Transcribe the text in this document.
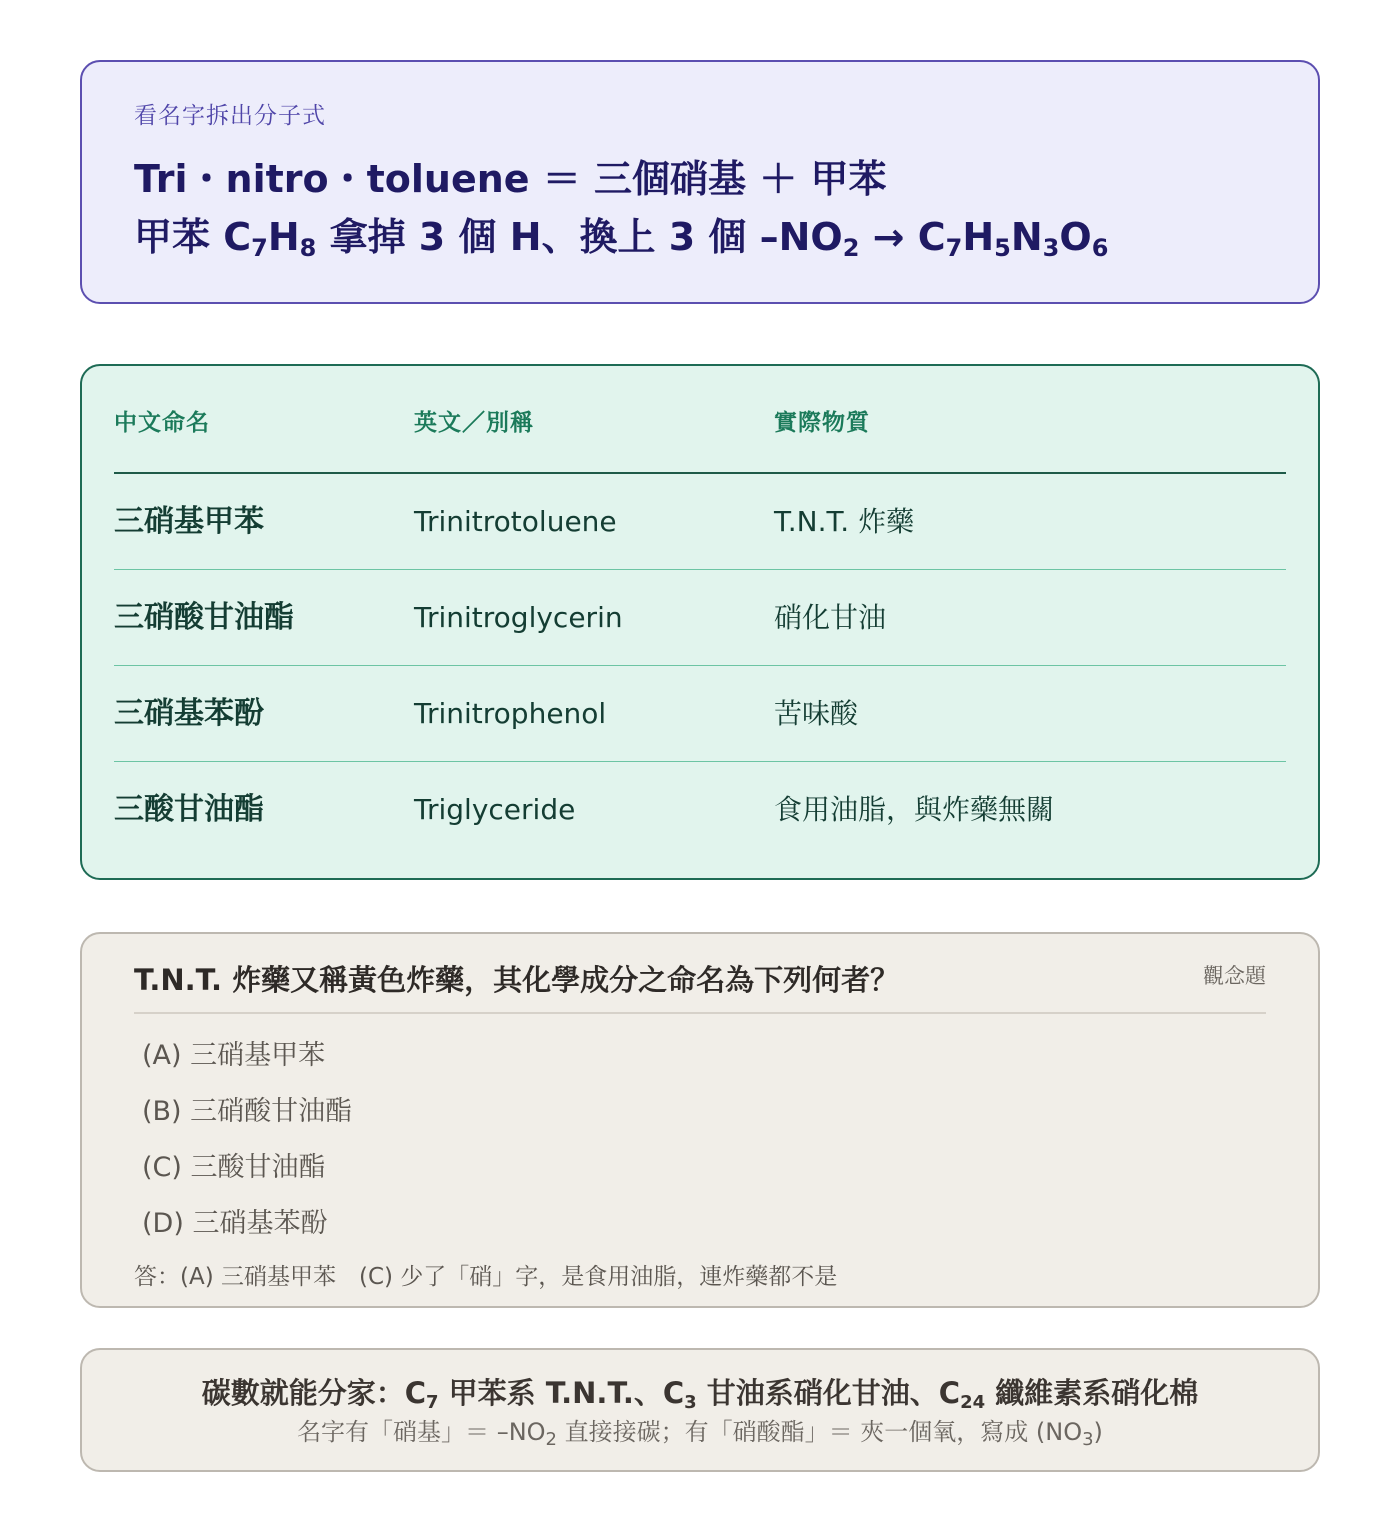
看名字拆出分子式

Tri・nitro・toluene ＝ 三個硝基 ＋ 甲苯
甲苯 $C_7H_8$ 拿掉 3 個 H、換上 3 個 $-NO_2 \to C_7H_5N_3O_6$
中文命名	英文／別稱	實際物質
三硝基甲苯	Trinitrotoluene	T.N.T. 炸藥
三硝酸甘油酯	Trinitroglycerin	硝化甘油
三硝基苯酚	Trinitrophenol	苦味酸
三酸甘油酯	Triglyceride	食用油脂，與炸藥無關
T.N.T. 炸藥又稱黃色炸藥，其化學成分之命名為下列何者？	觀念題
(A) 三硝基甲苯
(B) 三硝酸甘油酯
(C) 三酸甘油酯
(D) 三硝基苯酚
答：(A) 三硝基甲苯　(C) 少了「硝」字，是食用油脂，連炸藥都不是
碳數就能分家：$C_7$ 甲苯系 T.N.T.、$C_3$ 甘油系硝化甘油、$C_{24}$ 纖維素系硝化棉
名字有「硝基」＝ $-NO_2$ 直接接碳；有「硝酸酯」＝ 夾一個氧，寫成 $(NO_3)$
